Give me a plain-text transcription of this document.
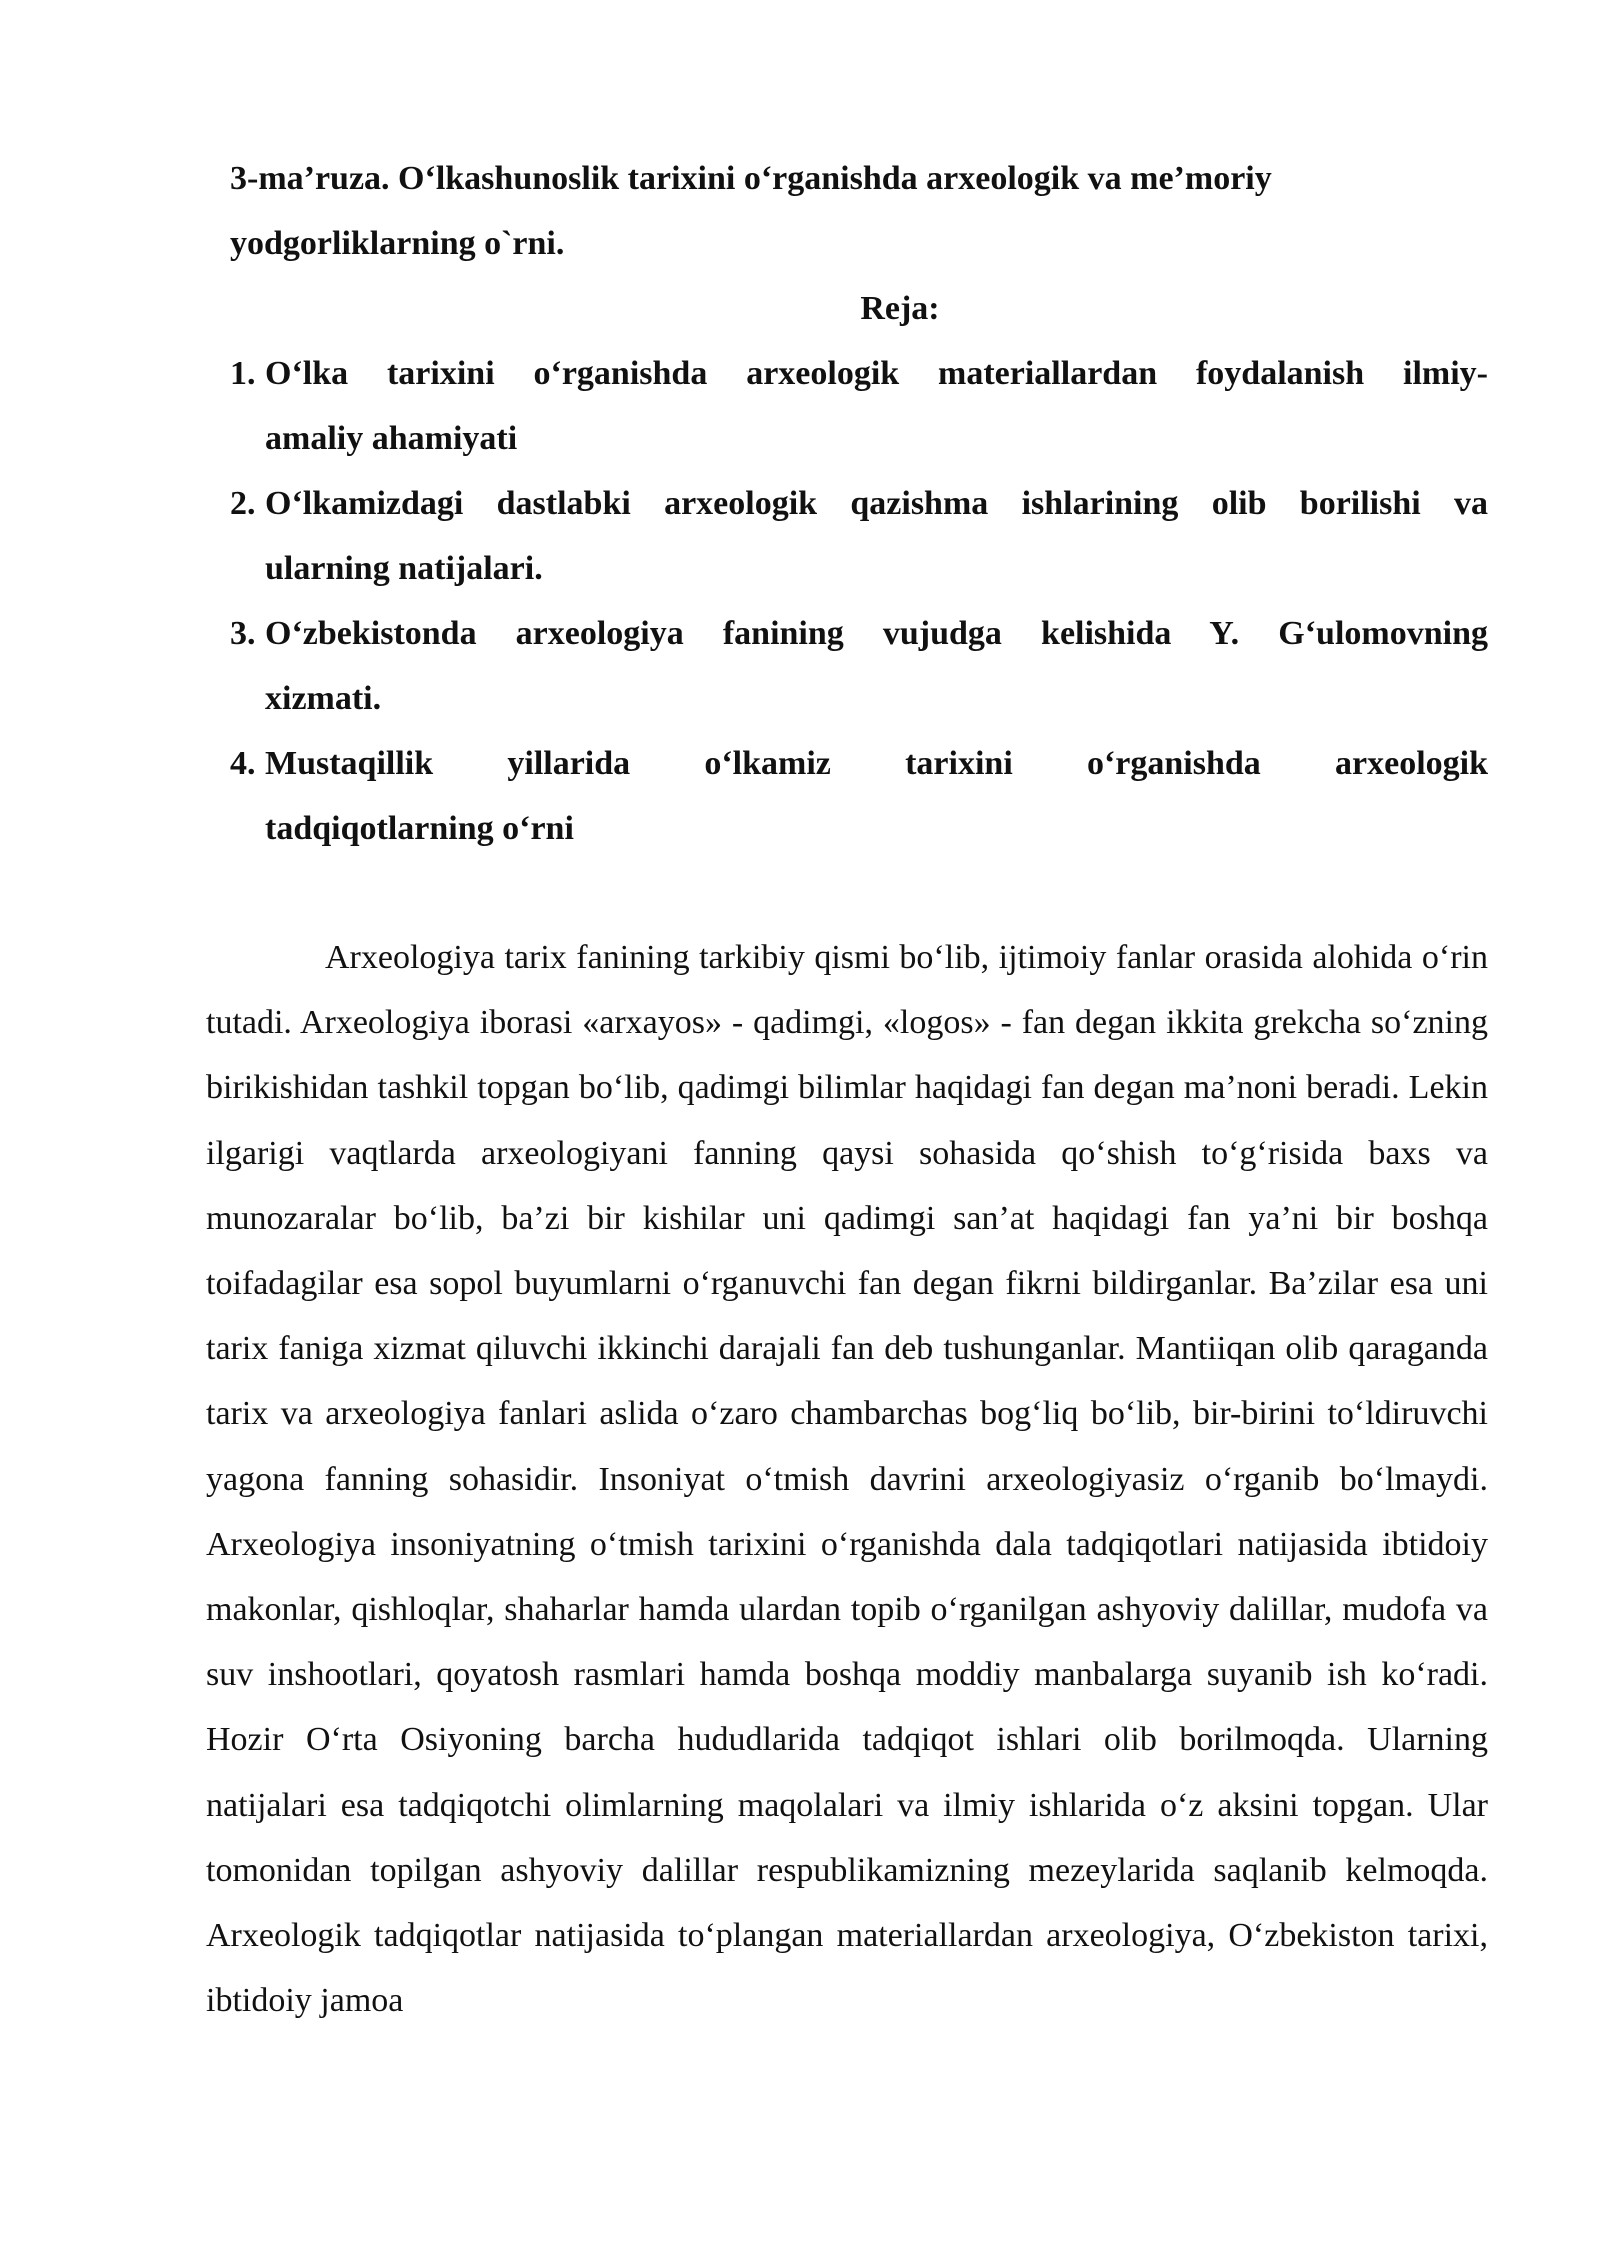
3-ma’ruza. O‘lkashunoslik tarixini o‘rganishda arxeologik va me’moriy yodgorliklarning o`rni.
Reja:
1. O‘lka tarixini o‘rganishda arxeologik materiallardan foydalanish ilmiy-
amaliy ahamiyati
2. O‘lkamizdagi dastlabki arxeologik qazishma ishlarining olib borilishi va
ularning natijalari.
3. O‘zbekistonda arxeologiya fanining vujudga kelishida Y. G‘ulomovning
xizmati.
4. Mustaqillik yillarida o‘lkamiz tarixini o‘rganishda arxeologik
tadqiqotlarning o‘rni

Arxeologiya tarix fanining tarkibiy qismi bo‘lib, ijtimoiy fanlar orasida alohida o‘rin tutadi. Arxeologiya iborasi «arxayos» - qadimgi, «logos» - fan degan ikkita grekcha so‘zning birikishidan tashkil topgan bo‘lib, qadimgi bilimlar haqidagi fan degan ma’noni beradi. Lekin ilgarigi vaqtlarda arxeologiyani fanning qaysi sohasida qo‘shish to‘g‘risida baxs va munozaralar bo‘lib, ba’zi bir kishilar uni qadimgi san’at haqidagi fan ya’ni bir boshqa toifadagilar esa sopol buyumlarni o‘rganuvchi fan degan fikrni bildirganlar. Ba’zilar esa uni tarix faniga xizmat qiluvchi ikkinchi darajali fan deb tushunganlar. Mantiiqan olib qaraganda tarix va arxeologiya fanlari aslida o‘zaro chambarchas bog‘liq bo‘lib, bir-birini to‘ldiruvchi yagona fanning sohasidir. Insoniyat o‘tmish davrini arxeologiyasiz o‘rganib bo‘lmaydi. Arxeologiya insoniyatning o‘tmish tarixini o‘rganishda dala tadqiqotlari natijasida ibtidoiy makonlar, qishloqlar, shaharlar hamda ulardan topib o‘rganilgan ashyoviy dalillar, mudofa va suv inshootlari, qoyatosh rasmlari hamda boshqa moddiy manbalarga suyanib ish ko‘radi. Hozir O‘rta Osiyoning barcha hududlarida tadqiqot ishlari olib borilmoqda. Ularning natijalari esa tadqiqotchi olimlarning maqolalari va ilmiy ishlarida o‘z aksini topgan. Ular tomonidan topilgan ashyoviy dalillar respublikamizning mezeylarida saqlanib kelmoqda. Arxeologik tadqiqotlar natijasida to‘plangan materiallardan arxeologiya, O‘zbekiston tarixi, ibtidoiy jamoa
